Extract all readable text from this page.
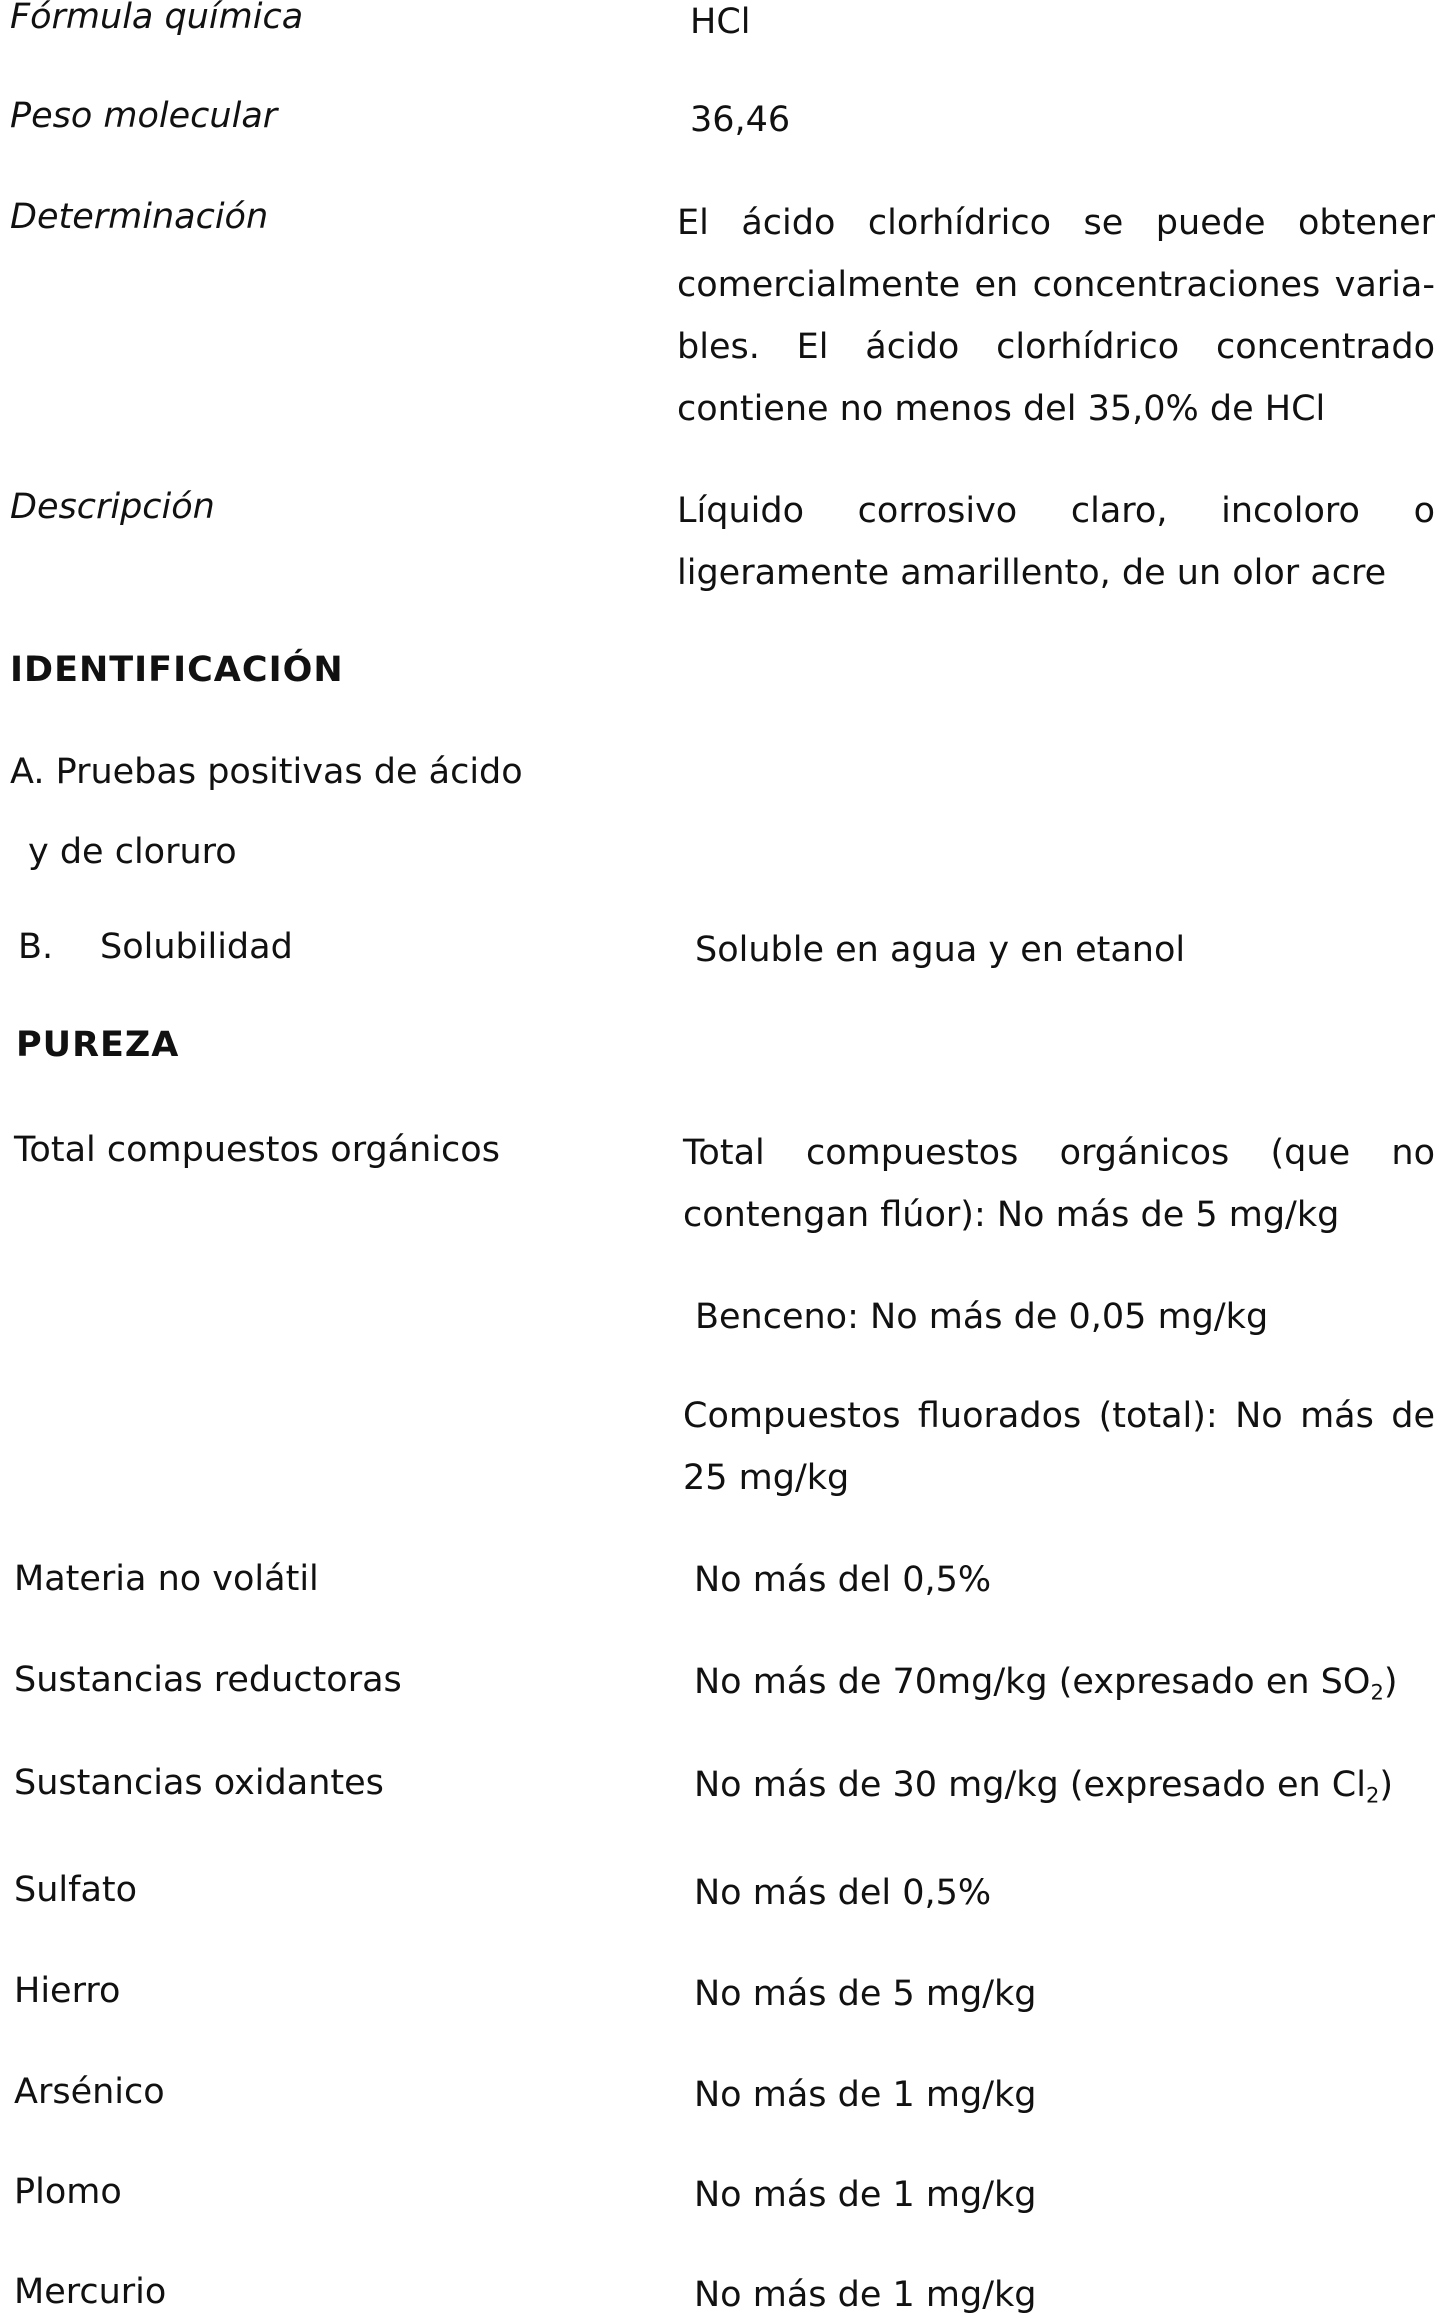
Fórmula química	HCl
Peso molecular	36,46
Determinación	El ácido clorhídrico se puede obtener
comercialmente en concentraciones varia-
bles. El ácido clorhídrico concentrado
contiene no menos del 35,0% de HCl
Descripción	Líquido corrosivo claro, incoloro o
ligeramente amarillento, de un olor acre
IDENTIFICACIÓN
A. Pruebas positivas de ácido
y de cloruro
B. Solubilidad	Soluble en agua y en etanol
PUREZA
Total compuestos orgánicos	Total compuestos orgánicos (que no
contengan flúor): No más de 5 mg/kg
Benceno: No más de 0,05 mg/kg
Compuestos fluorados (total): No más de
25 mg/kg
Materia no volátil	No más del 0,5%
Sustancias reductoras	No más de 70mg/kg (expresado en $SO_2$)
Sustancias oxidantes	No más de 30 mg/kg (expresado en $Cl_2$)
Sulfato	No más del 0,5%
Hierro	No más de 5 mg/kg
Arsénico	No más de 1 mg/kg
Plomo	No más de 1 mg/kg
Mercurio	No más de 1 mg/kg
